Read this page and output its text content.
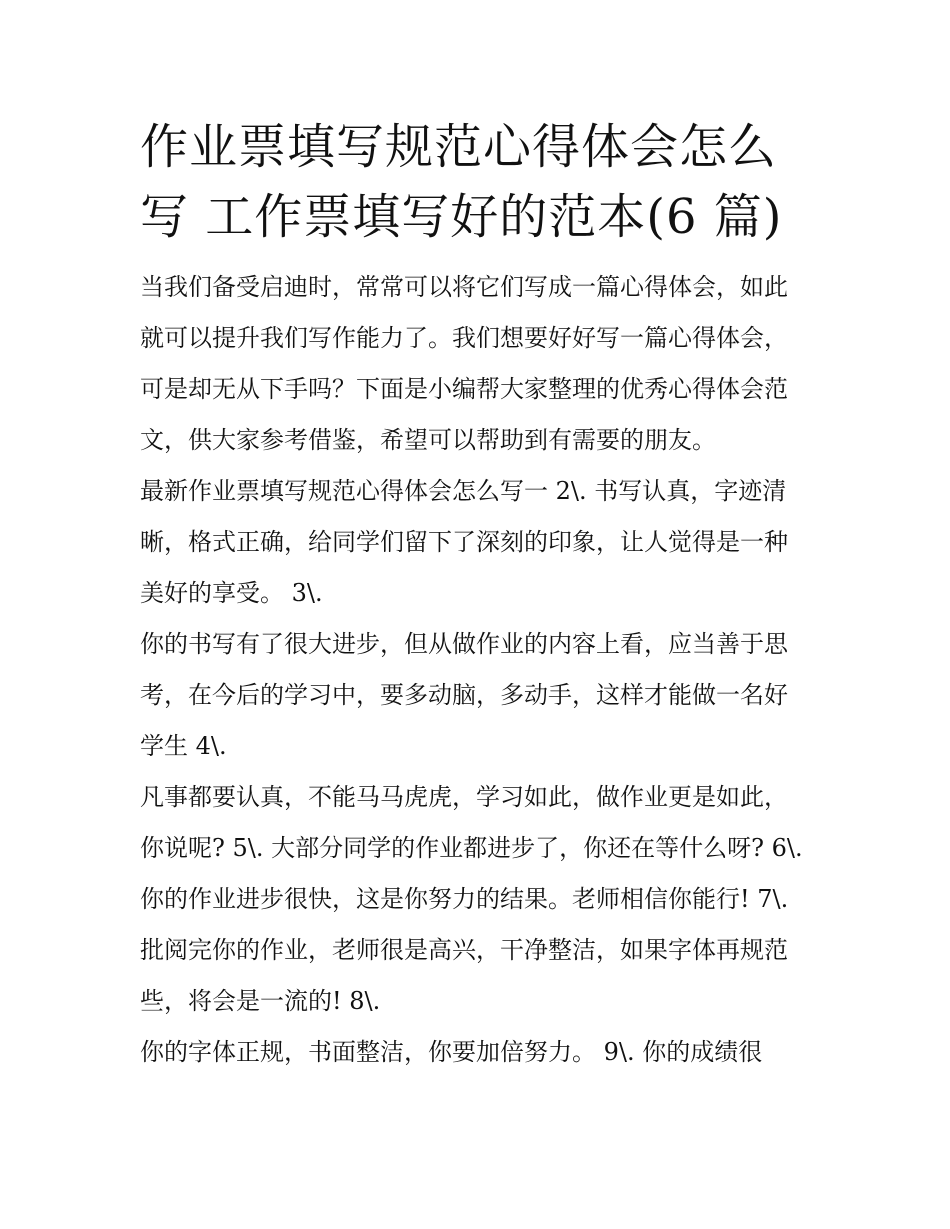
作业票填写规范心得体会怎么
写 工作票填写好的范本(6 篇)

当我们备受启迪时，常常可以将它们写成一篇心得体会，如此
就可以提升我们写作能力了。我们想要好好写一篇心得体会，
可是却无从下手吗？下面是小编帮大家整理的优秀心得体会范
文，供大家参考借鉴，希望可以帮助到有需要的朋友。

最新作业票填写规范心得体会怎么写一 2\. 书写认真，字迹清
晰，格式正确，给同学们留下了深刻的印象，让人觉得是一种
美好的享受。 3\.

你的书写有了很大进步，但从做作业的内容上看，应当善于思
考，在今后的学习中，要多动脑，多动手，这样才能做一名好
学生 4\.

凡事都要认真，不能马马虎虎，学习如此，做作业更是如此，
你说呢? 5\. 大部分同学的作业都进步了，你还在等什么呀? 6\.
你的作业进步很快，这是你努力的结果。老师相信你能行! 7\.
批阅完你的作业，老师很是高兴，干净整洁，如果字体再规范
些，将会是一流的! 8\.

你的字体正规，书面整洁，你要加倍努力。 9\. 你的成绩很
